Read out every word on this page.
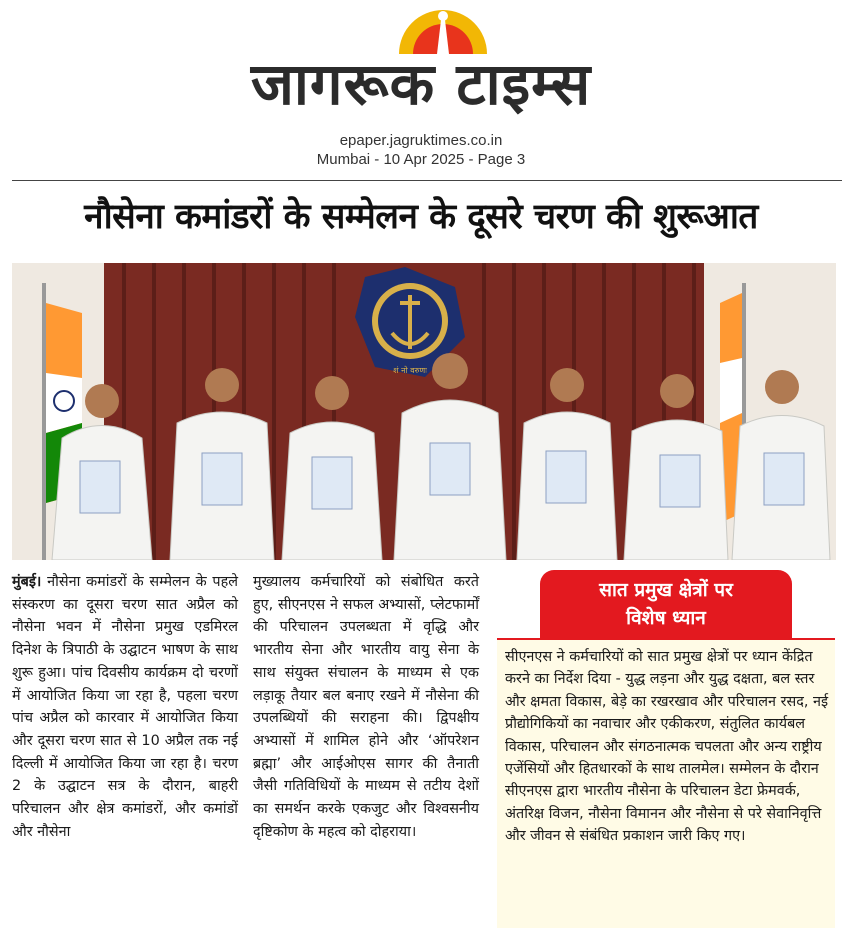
जागरूक टाइम्स
epaper.jagruktimes.co.in
Mumbai - 10 Apr 2025 - Page 3
नौसेना कमांडरों के सम्मेलन के दूसरे चरण की शुरूआत
शं नो वरुणः
मुंबई। नौसेना कमांडरों के सम्मेलन के पहले संस्करण का दूसरा चरण सात अप्रैल को नौसेना भवन में नौसेना प्रमुख एडमिरल दिनेश के त्रिपाठी के उद्घाटन भाषण के साथ शुरू हुआ। पांच दिवसीय कार्यक्रम दो चरणों में आयोजित किया जा रहा है, पहला चरण पांच अप्रैल को कारवार में आयोजित किया और दूसरा चरण सात से 10 अप्रैल तक नई दिल्ली में आयोजित किया जा रहा है। चरण 2 के उद्घाटन सत्र के दौरान, बाहरी परिचालन और क्षेत्र कमांडरों, और कमांडों और नौसेना
मुख्यालय कर्मचारियों को संबोधित करते हुए, सीएनएस ने सफल अभ्यासों, प्लेटफार्मों की परिचालन उपलब्धता में वृद्धि और भारतीय सेना और भारतीय वायु सेना के साथ संयुक्त संचालन के माध्यम से एक लड़ाकू तैयार बल बनाए रखने में नौसेना की उपलब्धियों की सराहना की। द्विपक्षीय अभ्यासों में शामिल होने और ‘ऑपरेशन ब्रह्मा’ और आईओएस सागर की तैनाती जैसी गतिविधियों के माध्यम से तटीय देशों का समर्थन करके एकजुट और विश्वसनीय दृष्टिकोण के महत्व को दोहराया।
सात प्रमुख क्षेत्रों पर
विशेष ध्यान
सीएनएस ने कर्मचारियों को सात प्रमुख क्षेत्रों पर ध्यान केंद्रित करने का निर्देश दिया - युद्ध लड़ना और युद्ध दक्षता, बल स्तर और क्षमता विकास, बेड़े का रखरखाव और परिचालन रसद, नई प्रौद्योगिकियों का नवाचार और एकीकरण, संतुलित कार्यबल विकास, परिचालन और संगठनात्मक चपलता और अन्य राष्ट्रीय एजेंसियों और हितधारकों के साथ तालमेल। सम्मेलन के दौरान सीएनएस द्वारा भारतीय नौसेना के परिचालन डेटा फ्रेमवर्क, अंतरिक्ष विजन, नौसेना विमानन और नौसेना से परे सेवानिवृत्ति और जीवन से संबंधित प्रकाशन जारी किए गए।
